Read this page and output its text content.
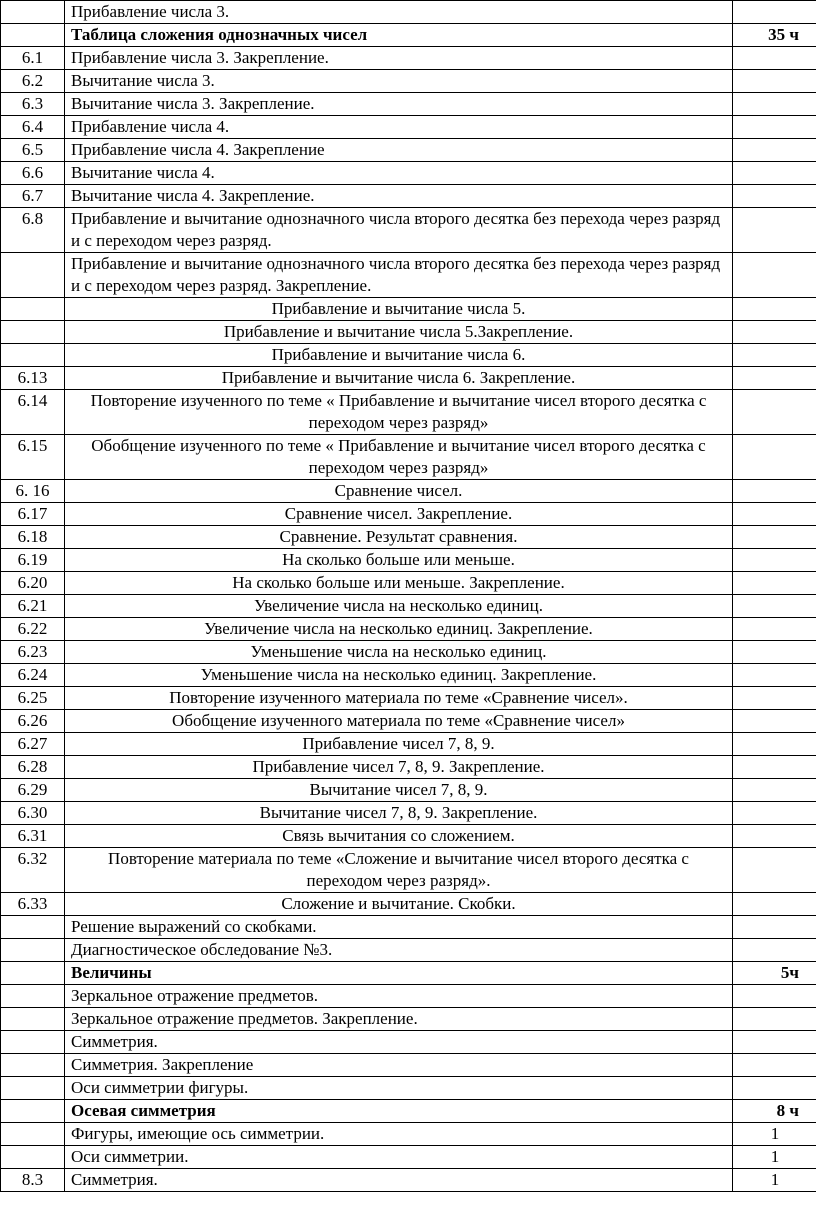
	Прибавление числа 3.	
	Таблица сложения однозначных чисел	35 ч
6.1	Прибавление числа 3. Закрепление.	
6.2	Вычитание числа 3.	
6.3	Вычитание числа 3. Закрепление.	
6.4	Прибавление числа 4.	
6.5	Прибавление числа 4. Закрепление	
6.6	Вычитание числа 4.	
6.7	Вычитание числа 4. Закрепление.	
6.8	Прибавление и вычитание однозначного числа второго десятка без перехода через разряд и с переходом через разряд.	
	Прибавление и вычитание однозначного числа второго десятка без перехода через разряд и с переходом через разряд. Закрепление.	
	Прибавление и вычитание числа 5.	
	Прибавление и вычитание числа 5.Закрепление.	
	Прибавление и вычитание числа 6.	
6.13	Прибавление и вычитание числа 6. Закрепление.	
6.14	Повторение изученного по теме « Прибавление и вычитание чисел второго десятка с переходом через разряд»	
6.15	Обобщение изученного по теме « Прибавление и вычитание чисел второго десятка с переходом через разряд»	
6. 16	Сравнение чисел.	
6.17	Сравнение чисел. Закрепление.	
6.18	Сравнение. Результат сравнения.	
6.19	На сколько больше или меньше.	
6.20	На сколько больше или меньше. Закрепление.	
6.21	Увеличение числа на несколько единиц.	
6.22	Увеличение числа на несколько единиц. Закрепление.	
6.23	Уменьшение числа на несколько единиц.	
6.24	Уменьшение числа на несколько единиц. Закрепление.	
6.25	Повторение изученного материала по теме «Сравнение чисел».	
6.26	Обобщение изученного материала по теме «Сравнение чисел»	
6.27	Прибавление чисел 7, 8, 9.	
6.28	Прибавление чисел 7, 8, 9. Закрепление.	
6.29	Вычитание чисел 7, 8, 9.	
6.30	Вычитание чисел 7, 8, 9. Закрепление.	
6.31	Связь вычитания со сложением.	
6.32	Повторение материала по теме «Сложение и вычитание чисел второго десятка с переходом через разряд».	
6.33	Сложение и вычитание. Скобки.	
	Решение выражений со скобками.	
	Диагностическое обследование №3.	
	Величины	5ч
	Зеркальное отражение предметов.	
	Зеркальное отражение предметов. Закрепление.	
	Симметрия.	
	Симметрия. Закрепление	
	Оси симметрии фигуры.	
	Осевая симметрия	8 ч
	Фигуры, имеющие ось симметрии.	1
	Оси симметрии.	1
8.3	Симметрия.	1
